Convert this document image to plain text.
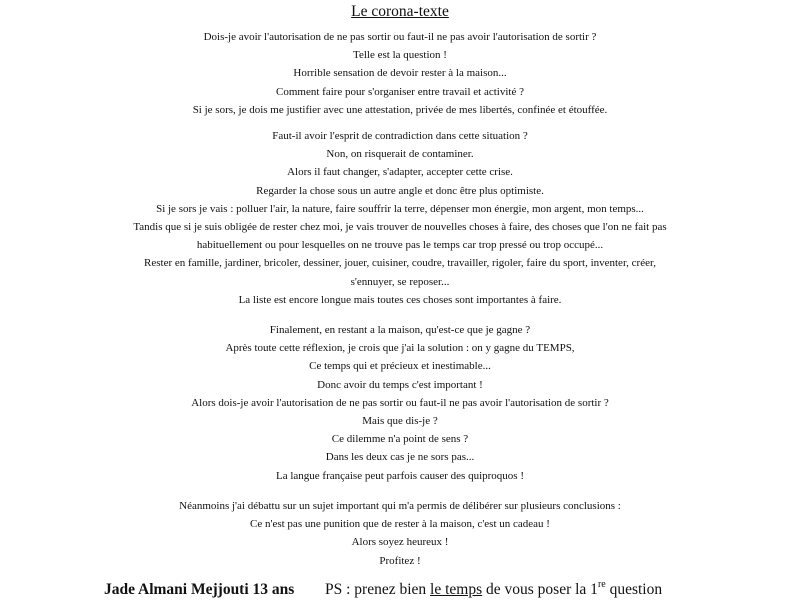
Le corona-texte
Dois-je avoir l'autorisation de ne pas sortir ou faut-il ne pas avoir l'autorisation de sortir ?
Telle est la question !
Horrible sensation de devoir rester à la maison...
Comment faire pour s'organiser entre travail et activité ?
Si je sors, je dois me justifier avec une attestation, privée de mes libertés, confinée et étouffée.
Faut-il avoir l'esprit de contradiction dans cette situation ?
Non, on risquerait de contaminer.
Alors il faut changer, s'adapter, accepter cette crise.
Regarder la chose sous un autre angle et donc être plus optimiste.
Si je sors je vais : polluer l'air, la nature, faire souffrir la terre, dépenser mon énergie, mon argent, mon temps...
Tandis que si je suis obligée de rester chez moi, je vais trouver de nouvelles choses à faire, des choses que l'on ne fait pas
habituellement ou pour lesquelles on ne trouve pas le temps car trop pressé ou trop occupé...
Rester en famille, jardiner, bricoler, dessiner, jouer, cuisiner, coudre, travailler, rigoler, faire du sport, inventer, créer,
s'ennuyer, se reposer...
La liste est encore longue mais toutes ces choses sont importantes à faire.
Finalement, en restant a la maison, qu'est-ce que je gagne ?
Après toute cette réflexion, je crois que j'ai la solution : on y gagne du TEMPS,
Ce temps qui et précieux et inestimable...
Donc avoir du temps c'est important !
Alors dois-je avoir l'autorisation de ne pas sortir ou faut-il ne pas avoir l'autorisation de sortir ?
Mais que dis-je ?
Ce dilemme n'a point de sens ?
Dans les deux cas je ne sors pas...
La langue française peut parfois causer des quiproquos !
Néanmoins j'ai débattu sur un sujet important qui m'a permis de délibérer sur plusieurs conclusions :
Ce n'est pas une punition que de rester à la maison, c'est un cadeau !
Alors soyez heureux !
Profitez !
Jade Almani Mejjouti 13 ans PS : prenez bien le temps de vous poser la 1re question
